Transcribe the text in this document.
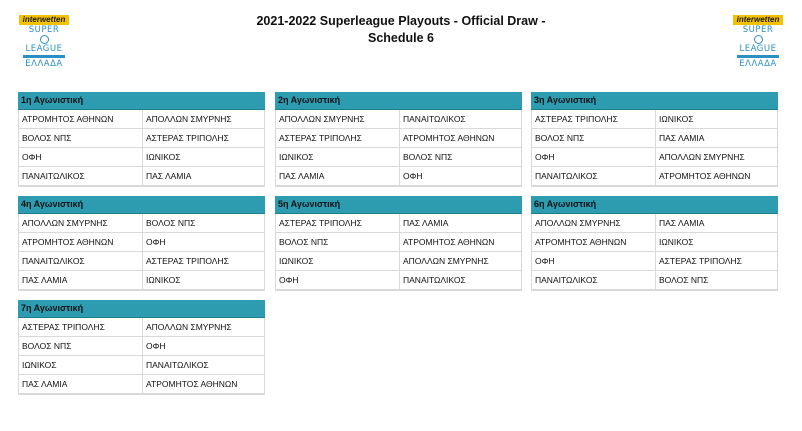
interwetten
SUPER
LEAGUE
ΕΛΛΑΔΑ
2021-2022 Superleague Playouts - Official Draw -
Schedule 6
interwetten
SUPER
LEAGUE
ΕΛΛΑΔΑ
1η Αγωνιστική
ΑΤΡΟΜΗΤΟΣ ΑΘΗΝΩΝ	ΑΠΟΛΛΩΝ ΣΜΥΡΝΗΣ
ΒΟΛΟΣ ΝΠΣ	ΑΣΤΕΡΑΣ ΤΡΙΠΟΛΗΣ
ΟΦΗ	ΙΩΝΙΚΟΣ
ΠΑΝΑΙΤΩΛΙΚΟΣ	ΠΑΣ ΛΑΜΙΑ
2η Αγωνιστική
ΑΠΟΛΛΩΝ ΣΜΥΡΝΗΣ	ΠΑΝΑΙΤΩΛΙΚΟΣ
ΑΣΤΕΡΑΣ ΤΡΙΠΟΛΗΣ	ΑΤΡΟΜΗΤΟΣ ΑΘΗΝΩΝ
ΙΩΝΙΚΟΣ	ΒΟΛΟΣ ΝΠΣ
ΠΑΣ ΛΑΜΙΑ	ΟΦΗ
3η Αγωνιστική
ΑΣΤΕΡΑΣ ΤΡΙΠΟΛΗΣ	ΙΩΝΙΚΟΣ
ΒΟΛΟΣ ΝΠΣ	ΠΑΣ ΛΑΜΙΑ
ΟΦΗ	ΑΠΟΛΛΩΝ ΣΜΥΡΝΗΣ
ΠΑΝΑΙΤΩΛΙΚΟΣ	ΑΤΡΟΜΗΤΟΣ ΑΘΗΝΩΝ
4η Αγωνιστική
ΑΠΟΛΛΩΝ ΣΜΥΡΝΗΣ	ΒΟΛΟΣ ΝΠΣ
ΑΤΡΟΜΗΤΟΣ ΑΘΗΝΩΝ	ΟΦΗ
ΠΑΝΑΙΤΩΛΙΚΟΣ	ΑΣΤΕΡΑΣ ΤΡΙΠΟΛΗΣ
ΠΑΣ ΛΑΜΙΑ	ΙΩΝΙΚΟΣ
5η Αγωνιστική
ΑΣΤΕΡΑΣ ΤΡΙΠΟΛΗΣ	ΠΑΣ ΛΑΜΙΑ
ΒΟΛΟΣ ΝΠΣ	ΑΤΡΟΜΗΤΟΣ ΑΘΗΝΩΝ
ΙΩΝΙΚΟΣ	ΑΠΟΛΛΩΝ ΣΜΥΡΝΗΣ
ΟΦΗ	ΠΑΝΑΙΤΩΛΙΚΟΣ
6η Αγωνιστική
ΑΠΟΛΛΩΝ ΣΜΥΡΝΗΣ	ΠΑΣ ΛΑΜΙΑ
ΑΤΡΟΜΗΤΟΣ ΑΘΗΝΩΝ	ΙΩΝΙΚΟΣ
ΟΦΗ	ΑΣΤΕΡΑΣ ΤΡΙΠΟΛΗΣ
ΠΑΝΑΙΤΩΛΙΚΟΣ	ΒΟΛΟΣ ΝΠΣ
7η Αγωνιστική
ΑΣΤΕΡΑΣ ΤΡΙΠΟΛΗΣ	ΑΠΟΛΛΩΝ ΣΜΥΡΝΗΣ
ΒΟΛΟΣ ΝΠΣ	ΟΦΗ
ΙΩΝΙΚΟΣ	ΠΑΝΑΙΤΩΛΙΚΟΣ
ΠΑΣ ΛΑΜΙΑ	ΑΤΡΟΜΗΤΟΣ ΑΘΗΝΩΝ
